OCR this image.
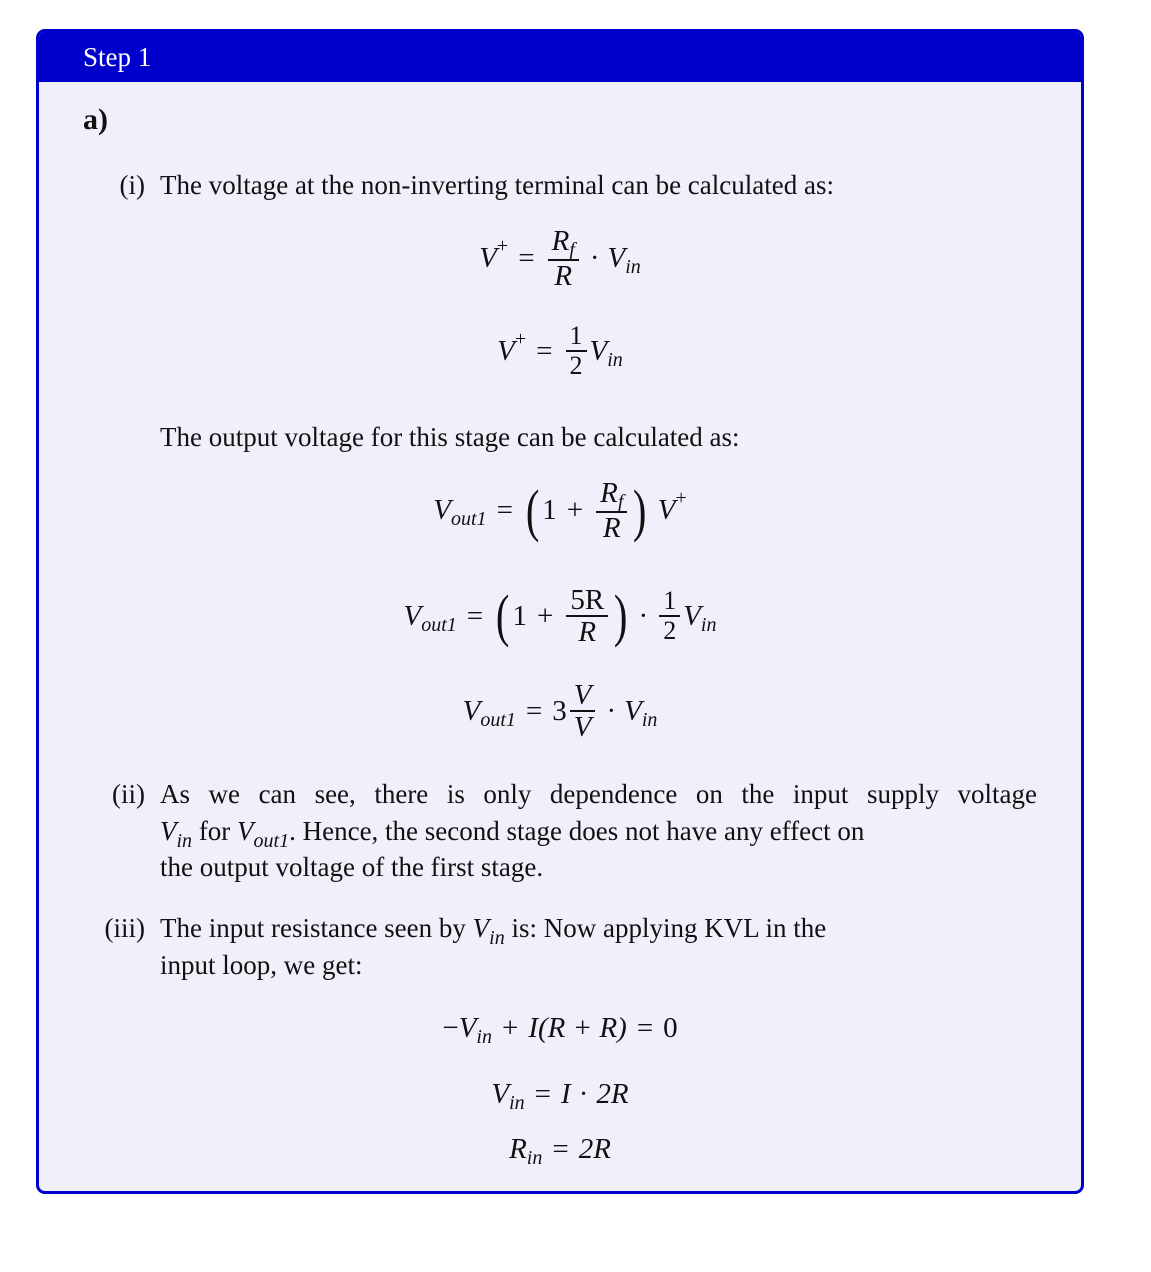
Step 1
a)
(i) The voltage at the non-inverting terminal can be calculated as:
V + = $\frac{R_f}{R} \cdot V$ in
V + = $\frac{1}{2}$ V in
The output voltage for this stage can be calculated as:
V out1 = ( $1 + \frac{R_f}{R}$ ) V +
V out1 = ( $1 + \frac{5R}{R}$ ) · $\frac{1}{2}$ V in
V $out1 = 3 \frac{V}{V} \cdot V$ in
(ii) As we can see, there is only dependence on the input supply voltage
$V_{in}$ for $V_{out1}$. Hence, the second stage does not have any effect on
the output voltage of the first stage.
(iii) The input resistance seen by $V_{in}$ is: Now applying KVL in the
input loop, we get:
− V in + I (R + R) = 0
V in = I · 2R
R in = 2R
